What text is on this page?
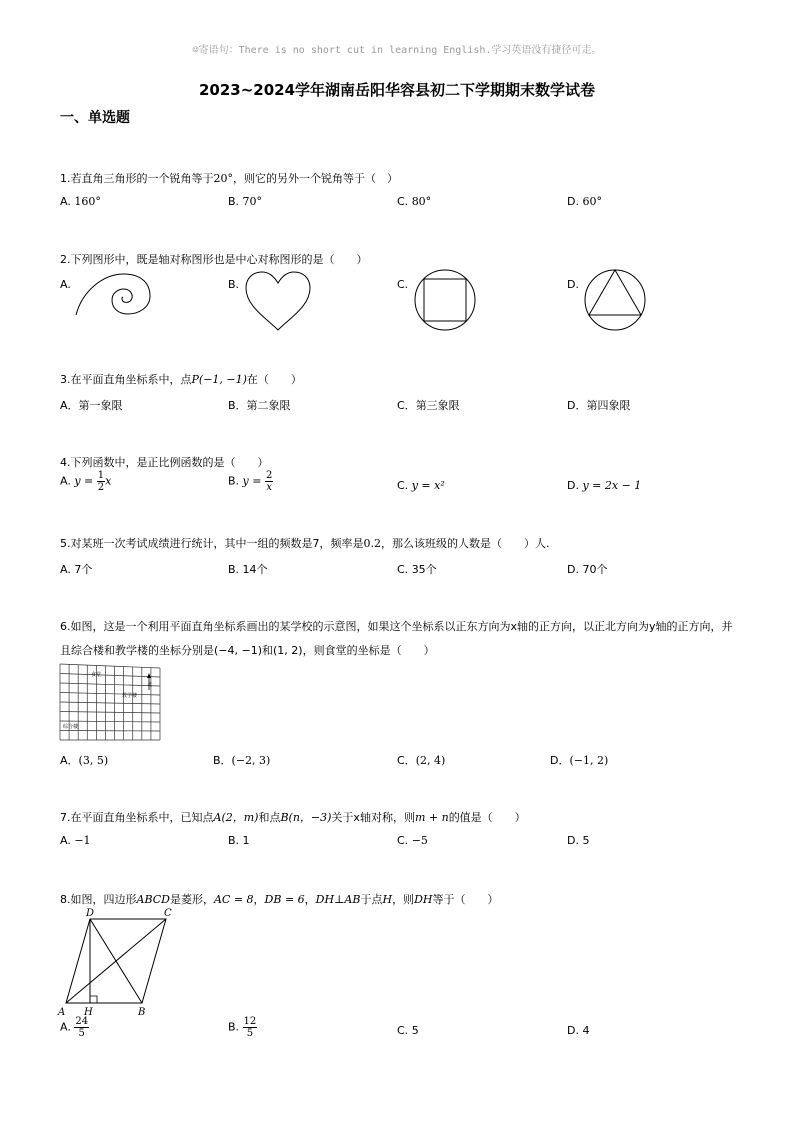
☺寄语句：There is no short cut in learning English.学习英语没有捷径可走。
2023~2024学年湖南岳阳华容县初二下学期期末数学试卷
一、单选题
1.若直角三角形的一个锐角等于20°，则它的另外一个锐角等于（　）
A. 160°	B. 70°	C. 80°	D. 60°
2.下列图形中，既是轴对称图形也是中心对称图形的是（　　）
A.	B.	C.	D.
3.在平面直角坐标系中，点P(−1, −1)在（　　）
A．第一象限	B．第二象限	C．第三象限	D．第四象限
4.下列函数中，是正比例函数的是（　　）
A. $y = \frac{1}{2}$ x	B. $y = \frac{2}{x}$	C. y = x²	D. y = 2x − 1
5.对某班一次考试成绩进行统计，其中一组的频数是7，频率是0.2，那么该班级的人数是（　　）人.
A. 7个	B. 14个	C. 35个	D. 70个
6.如图，这是一个利用平面直角坐标系画出的某学校的示意图，如果这个坐标系以正东方向为x轴的正方向，以正北方向为y轴的正方向，并
且综合楼和教学楼的坐标分别是(−4, −1)和(1, 2)，则食堂的坐标是（　　）
食堂
教学楼
综合楼
北
A．(3, 5)	B．(−2, 3)	C．(2, 4)	D．(−1, 2)
7.在平面直角坐标系中，已知点A(2，m)和点B(n，−3)关于x轴对称，则m + n的值是（　　）
A. −1	B. 1	C. −5	D. 5
8.如图，四边形ABCD是菱形，AC = 8，DB = 6，DH⊥AB于点H，则DH等于（　　）
D	C
A H	B
A. $\frac{24}{5}$	B. $\frac{12}{5}$	C. 5	D. 4
